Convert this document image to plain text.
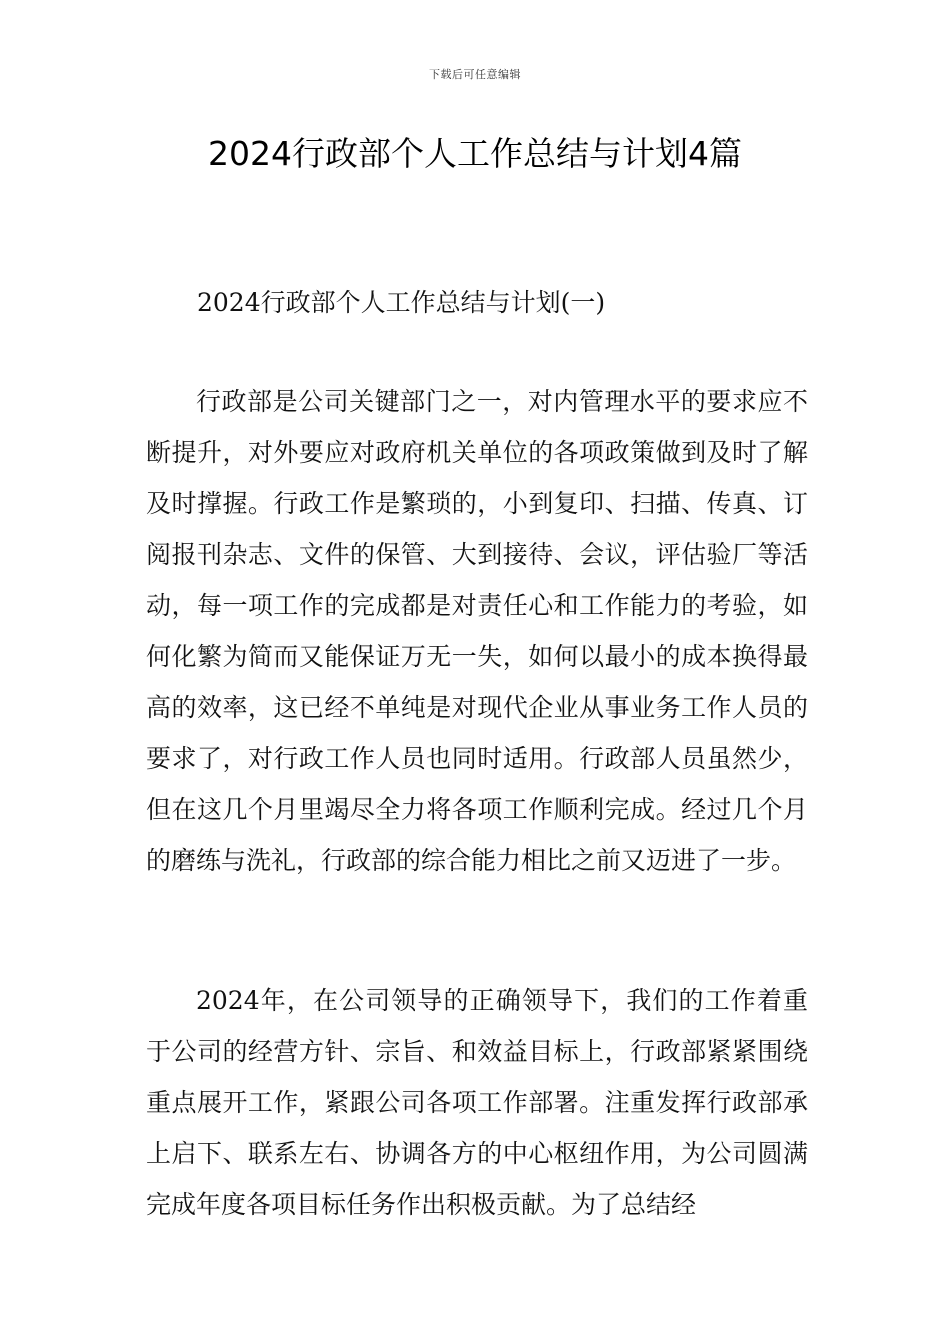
下载后可任意编辑
2024行政部个人工作总结与计划4篇
2024行政部个人工作总结与计划(一)

行政部是公司关键部门之一，对内管理水平的要求应不断提升，对外要应对政府机关单位的各项政策做到及时了解及时撑握。行政工作是繁琐的，小到复印、扫描、传真、订阅报刊杂志、文件的保管、大到接待、会议，评估验厂等活动，每一项工作的完成都是对责任心和工作能力的考验，如何化繁为简而又能保证万无一失，如何以最小的成本换得最高的效率，这已经不单纯是对现代企业从事业务工作人员的要求了，对行政工作人员也同时适用。行政部人员虽然少，但在这几个月里竭尽全力将各项工作顺利完成。经过几个月的磨练与洗礼，行政部的综合能力相比之前又迈进了一步。

2024年，在公司领导的正确领导下，我们的工作着重于公司的经营方针、宗旨、和效益目标上，行政部紧紧围绕重点展开工作，紧跟公司各项工作部署。注重发挥行政部承上启下、联系左右、协调各方的中心枢纽作用，为公司圆满完成年度各项目标任务作出积极贡献。为了总结经
